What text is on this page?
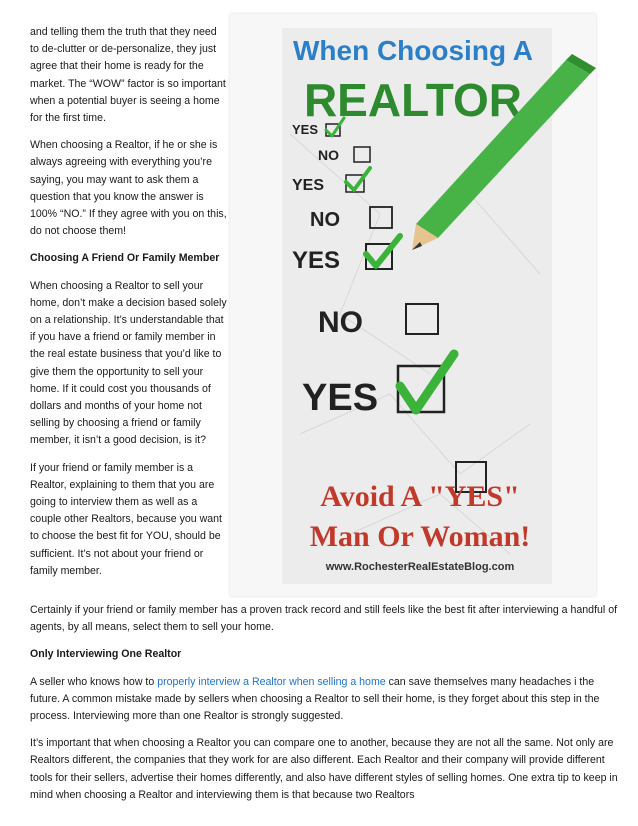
and telling them the truth that they need to de-clutter or de-personalize, they just agree that their home is ready for the market. The “WOW” factor is so important when a potential buyer is seeing a home for the first time.

When choosing a Realtor, if he or she is always agreeing with everything you’re saying, you may want to ask them a question that you know the answer is 100% “NO.” If they agree with you on this, do not choose them!

Choosing A Friend Or Family Member

When choosing a Realtor to sell your home, don’t make a decision based solely on a relationship. It’s understandable that if you have a friend or family member in the real estate business that you’d like to give them the opportunity to sell your home. If it could cost you thousands of dollars and months of your home not selling by choosing a friend or family member, it isn’t a good decision, is it?

If your friend or family member is a Realtor, explaining to them that you are going to interview them as well as a couple other Realtors, because you want to choose the best fit for YOU, should be sufficient. It’s not about your friend or family member.

When Choosing A
REALTOR
YES
NO
YES
NO
YES
NO
YES
Avoid A "YES"
Man Or Woman!
www.RochesterRealEstateBlog.com

Certainly if your friend or family member has a proven track record and still feels like the best fit after interviewing a handful of agents, by all means, select them to sell your home.

Only Interviewing One Realtor

A seller who knows how to properly interview a Realtor when selling a home can save themselves many headaches i the future. A common mistake made by sellers when choosing a Realtor to sell their home, is they forget about this step in the process. Interviewing more than one Realtor is strongly suggested.

It’s important that when choosing a Realtor you can compare one to another, because they are not all the same. Not only are Realtors different, the companies that they work for are also different. Each Realtor and their company will provide different tools for their sellers, advertise their homes differently, and also have different styles of selling homes. One extra tip to keep in mind when choosing a Realtor and interviewing them is that because two Realtors
